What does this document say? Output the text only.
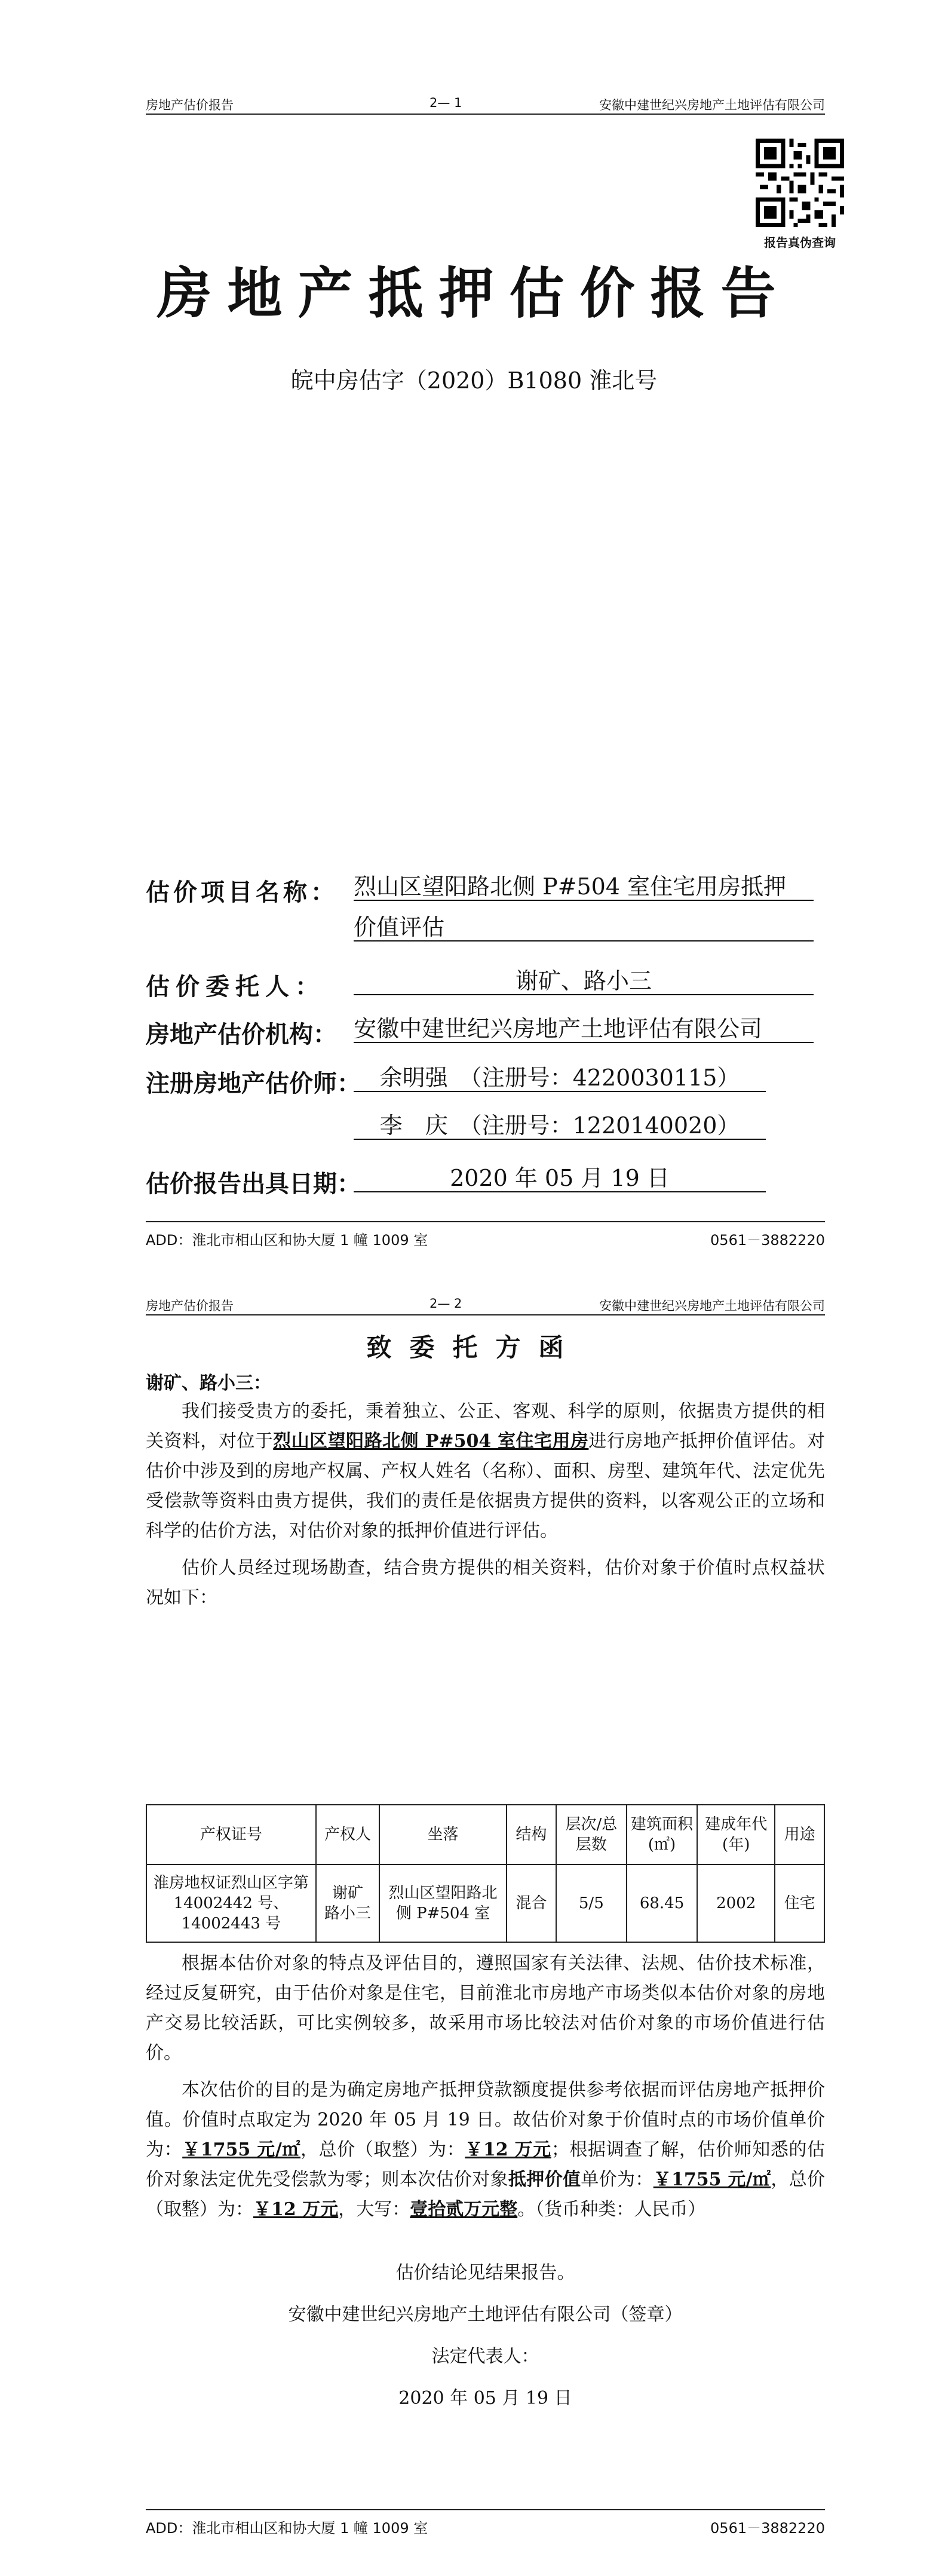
房地产估价报告	2— 1	安徽中建世纪兴房地产土地评估有限公司
报告真伪查询
房地产抵押估价报告
皖中房估字（2020）B1080 淮北号
估价项目名称： 烈山区望阳路北侧 P#504 室住宅用房抵押
价值评估
估价委托人：	谢矿、路小三
房地产估价机构： 安徽中建世纪兴房地产土地评估有限公司
注册房地产估价师： 余明强　（注册号：4220030115）
李　庆　（注册号：1220140020）
估价报告出具日期：	2020 年 05 月 19 日
ADD：淮北市相山区和协大厦 1 幢 1009 室	0561－3882220
房地产估价报告	2— 2	安徽中建世纪兴房地产土地评估有限公司
致委托方函
谢矿、路小三：

我们接受贵方的委托，秉着独立、公正、客观、科学的原则，依据贵方提供的相关资料，对位于烈山区望阳路北侧 P#504 室住宅用房进行房地产抵押价值评估。对估价中涉及到的房地产权属、产权人姓名（名称）、面积、房型、建筑年代、法定优先受偿款等资料由贵方提供，我们的责任是依据贵方提供的资料，以客观公正的立场和科学的估价方法，对估价对象的抵押价值进行评估。

估价人员经过现场勘查，结合贵方提供的相关资料，估价对象于价值时点权益状况如下：

产权证号	产权人	坐落	结构	层次/总层数	建筑面积(㎡)	建成年代(年)	用途
淮房地权证烈山区字第 14002442 号、14002443 号	谢矿　路小三	烈山区望阳路北侧 P#504 室	混合	5/5	68.45	2002	住宅

根据本估价对象的特点及评估目的，遵照国家有关法律、法规、估价技术标准，经过反复研究，由于估价对象是住宅，目前淮北市房地产市场类似本估价对象的房地产交易比较活跃，可比实例较多，故采用市场比较法对估价对象的市场价值进行估价。

本次估价的目的是为确定房地产抵押贷款额度提供参考依据而评估房地产抵押价值。价值时点取定为 2020 年 05 月 19 日。故估价对象于价值时点的市场价值单价为：￥1755 元/㎡，总价（取整）为：￥12 万元；根据调查了解，估价师知悉的估价对象法定优先受偿款为零；则本次估价对象抵押价值单价为：￥1755 元/㎡，总价（取整）为：￥12 万元，大写：壹拾贰万元整。（货币种类：人民币）

估价结论见结果报告。
安徽中建世纪兴房地产土地评估有限公司（签章）
法定代表人：
2020 年 05 月 19 日
ADD：淮北市相山区和协大厦 1 幢 1009 室	0561－3882220
